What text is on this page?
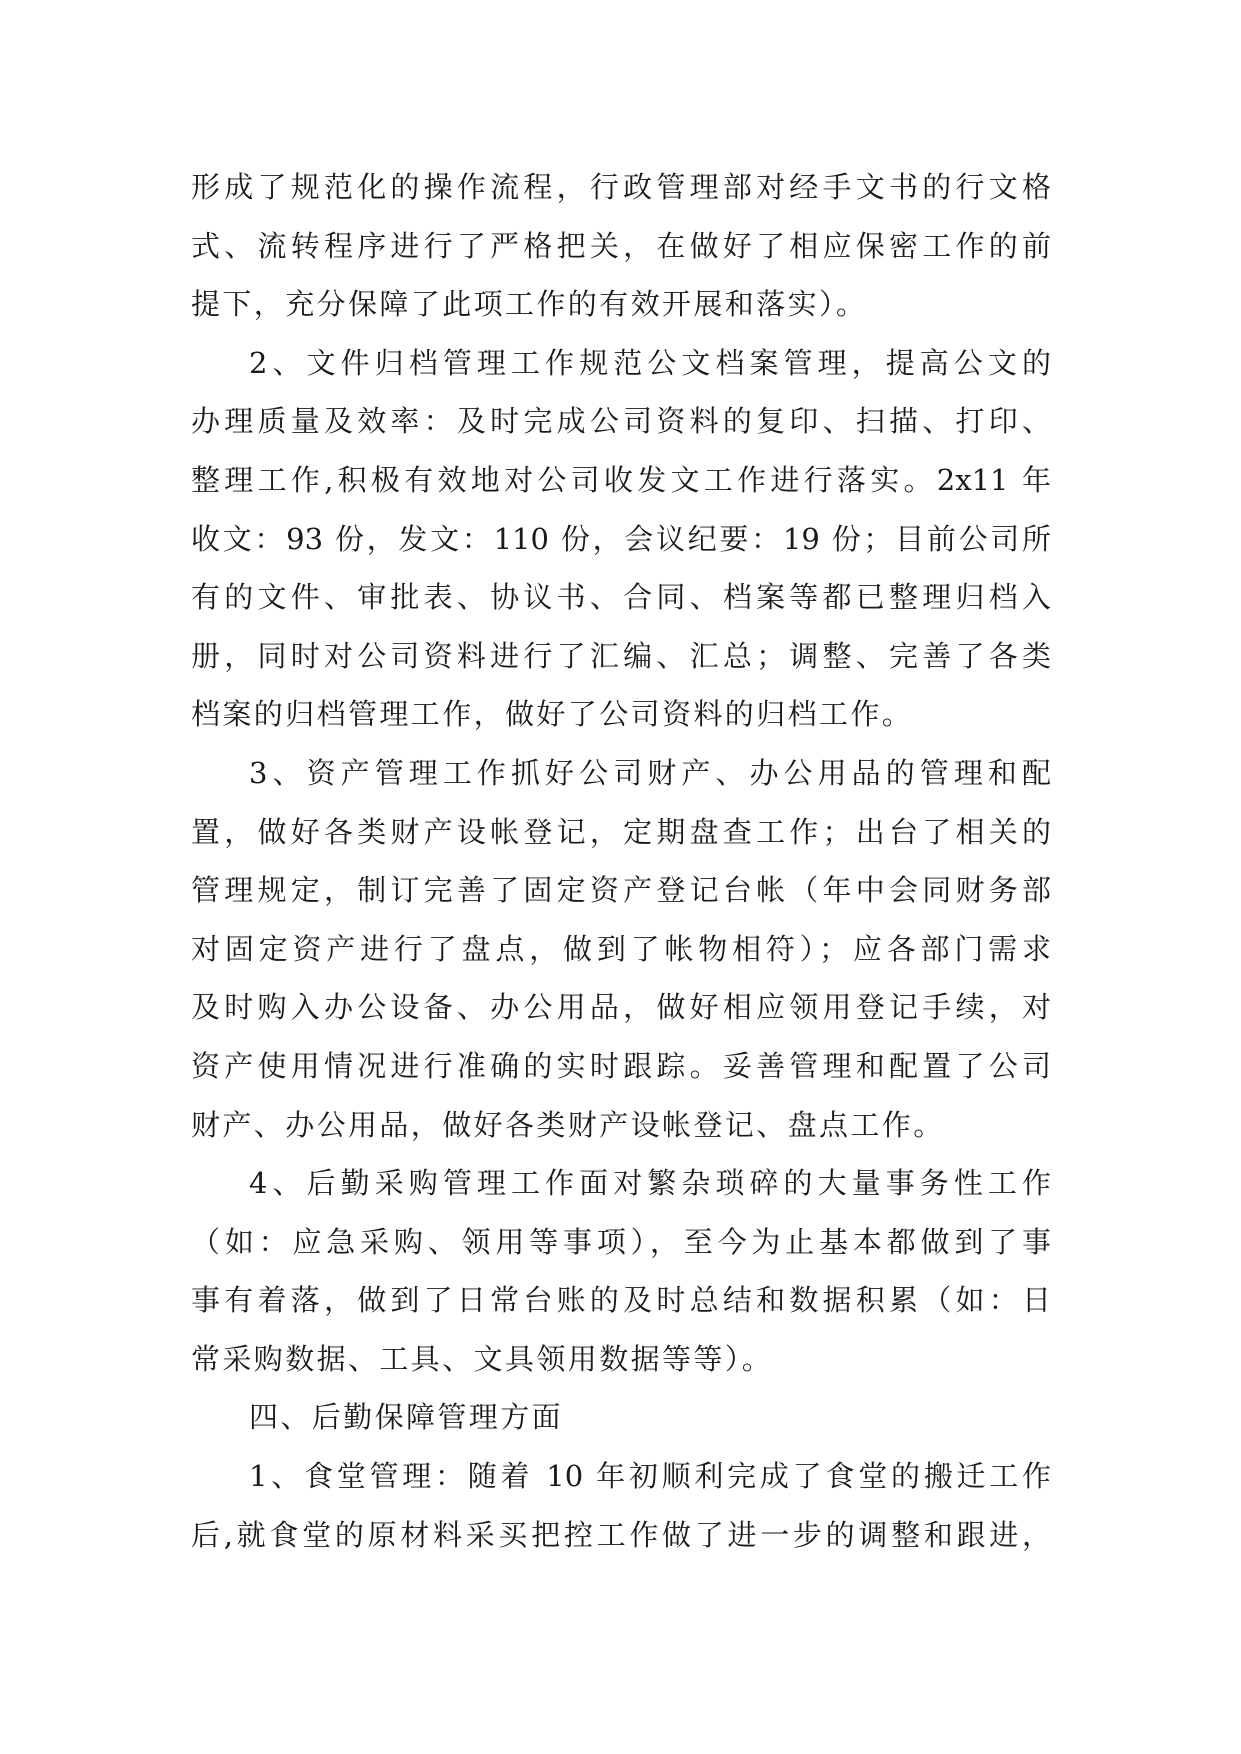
形成了规范化的操作流程，行政管理部对经手文书的行文格
式、流转程序进行了严格把关，在做好了相应保密工作的前
提下，充分保障了此项工作的有效开展和落实）。
2、文件归档管理工作规范公文档案管理，提高公文的
办理质量及效率：及时完成公司资料的复印、扫描、打印、
整理工作,积极有效地对公司收发文工作进行落实。2x11 年
收文：93 份，发文：110 份，会议纪要：19 份；目前公司所
有的文件、审批表、协议书、合同、档案等都已整理归档入
册，同时对公司资料进行了汇编、汇总；调整、完善了各类
档案的归档管理工作，做好了公司资料的归档工作。
3、资产管理工作抓好公司财产、办公用品的管理和配
置，做好各类财产设帐登记，定期盘查工作；出台了相关的
管理规定，制订完善了固定资产登记台帐（年中会同财务部
对固定资产进行了盘点，做到了帐物相符）；应各部门需求
及时购入办公设备、办公用品，做好相应领用登记手续，对
资产使用情况进行准确的实时跟踪。妥善管理和配置了公司
财产、办公用品，做好各类财产设帐登记、盘点工作。
4、后勤采购管理工作面对繁杂琐碎的大量事务性工作
（如：应急采购、领用等事项），至今为止基本都做到了事
事有着落，做到了日常台账的及时总结和数据积累（如：日
常采购数据、工具、文具领用数据等等）。
四、后勤保障管理方面
1、食堂管理：随着 10 年初顺利完成了食堂的搬迁工作
后,就食堂的原材料采买把控工作做了进一步的调整和跟进，
